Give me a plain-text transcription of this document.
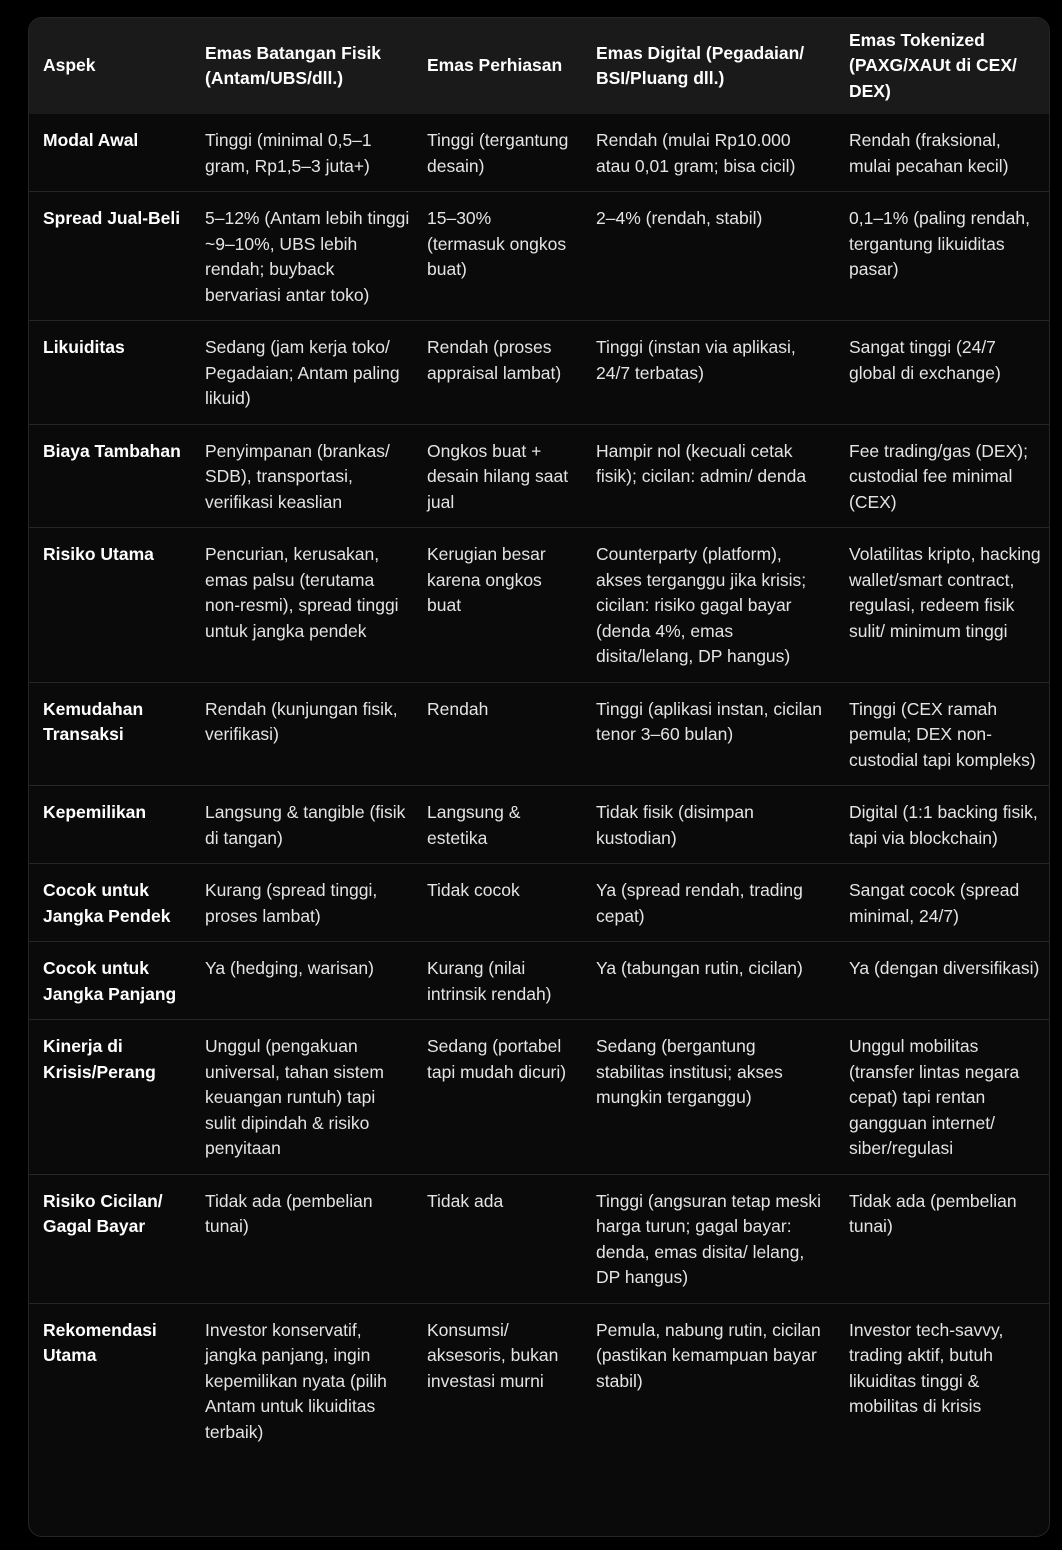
Aspek	Emas Batangan Fisik (Antam/UBS/dll.)	Emas Perhiasan	Emas Digital (Pegadaian/ BSI/Pluang dll.)	Emas Tokenized (PAXG/XAUt di CEX/ DEX)
Modal Awal	Tinggi (minimal 0,5–1 gram, Rp1,5–3 juta+)	Tinggi (tergantung desain)	Rendah (mulai Rp10.000 atau 0,01 gram; bisa cicil)	Rendah (fraksional, mulai pecahan kecil)
Spread Jual-Beli	5–12% (Antam lebih tinggi ~9–10%, UBS lebih rendah; buyback bervariasi antar toko)	15–30% (termasuk ongkos buat)	2–4% (rendah, stabil)	0,1–1% (paling rendah, tergantung likuiditas pasar)
Likuiditas	Sedang (jam kerja toko/ Pegadaian; Antam paling likuid)	Rendah (proses appraisal lambat)	Tinggi (instan via aplikasi, 24/7 terbatas)	Sangat tinggi (24/7 global di exchange)
Biaya Tambahan	Penyimpanan (brankas/ SDB), transportasi, verifikasi keaslian	Ongkos buat + desain hilang saat jual	Hampir nol (kecuali cetak fisik); cicilan: admin/ denda	Fee trading/gas (DEX); custodial fee minimal (CEX)
Risiko Utama	Pencurian, kerusakan, emas palsu (terutama non-resmi), spread tinggi untuk jangka pendek	Kerugian besar karena ongkos buat	Counterparty (platform), akses terganggu jika krisis; cicilan: risiko gagal bayar (denda 4%, emas disita/lelang, DP hangus)	Volatilitas kripto, hacking wallet/smart contract, regulasi, redeem fisik sulit/ minimum tinggi
Kemudahan Transaksi	Rendah (kunjungan fisik, verifikasi)	Rendah	Tinggi (aplikasi instan, cicilan tenor 3–60 bulan)	Tinggi (CEX ramah pemula; DEX non-custodial tapi kompleks)
Kepemilikan	Langsung & tangible (fisik di tangan)	Langsung & estetika	Tidak fisik (disimpan kustodian)	Digital (1:1 backing fisik, tapi via blockchain)
Cocok untuk Jangka Pendek	Kurang (spread tinggi, proses lambat)	Tidak cocok	Ya (spread rendah, trading cepat)	Sangat cocok (spread minimal, 24/7)
Cocok untuk Jangka Panjang	Ya (hedging, warisan)	Kurang (nilai intrinsik rendah)	Ya (tabungan rutin, cicilan)	Ya (dengan diversifikasi)
Kinerja di Krisis/Perang	Unggul (pengakuan universal, tahan sistem keuangan runtuh) tapi sulit dipindah & risiko penyitaan	Sedang (portabel tapi mudah dicuri)	Sedang (bergantung stabilitas institusi; akses mungkin terganggu)	Unggul mobilitas (transfer lintas negara cepat) tapi rentan gangguan internet/ siber/regulasi
Risiko Cicilan/ Gagal Bayar	Tidak ada (pembelian tunai)	Tidak ada	Tinggi (angsuran tetap meski harga turun; gagal bayar: denda, emas disita/ lelang, DP hangus)	Tidak ada (pembelian tunai)
Rekomendasi Utama	Investor konservatif, jangka panjang, ingin kepemilikan nyata (pilih Antam untuk likuiditas terbaik)	Konsumsi/ aksesoris, bukan investasi murni	Pemula, nabung rutin, cicilan (pastikan kemampuan bayar stabil)	Investor tech-savvy, trading aktif, butuh likuiditas tinggi & mobilitas di krisis
